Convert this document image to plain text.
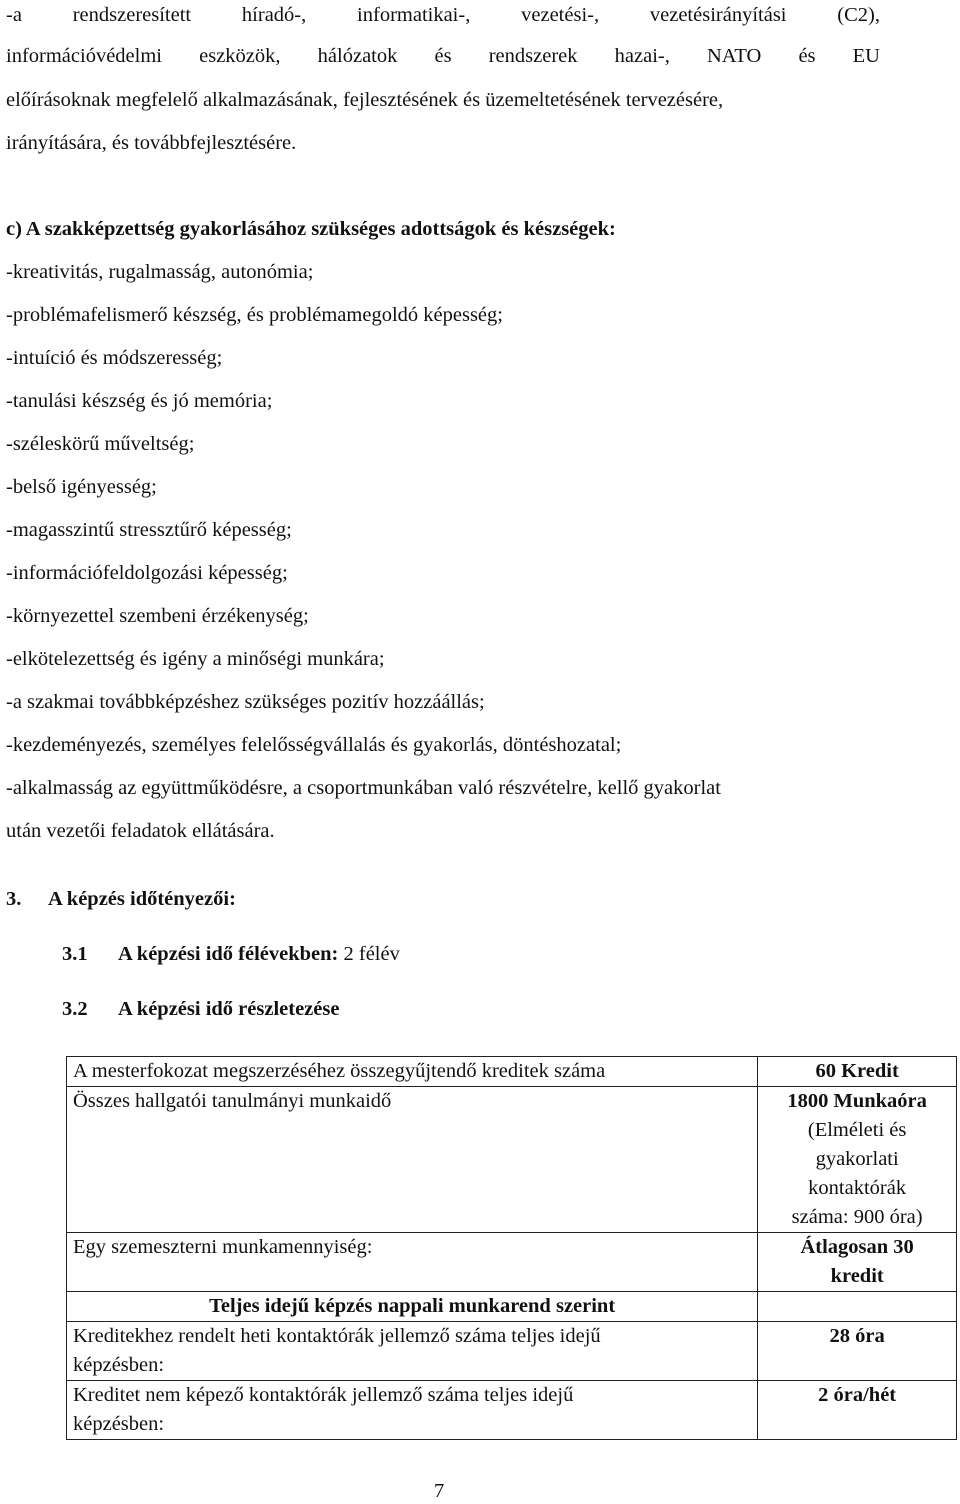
-a rendszeresített híradó-, informatikai-, vezetési-, vezetésirányítási (C2),
információvédelmi eszközök, hálózatok és rendszerek hazai-, NATO és EU
előírásoknak megfelelő alkalmazásának, fejlesztésének és üzemeltetésének tervezésére,
irányítására, és továbbfejlesztésére.
c) A szakképzettség gyakorlásához szükséges adottságok és készségek:
-kreativitás, rugalmasság, autonómia;
-problémafelismerő készség, és problémamegoldó képesség;
-intuíció és módszeresség;
-tanulási készség és jó memória;
-széleskörű műveltség;
-belső igényesség;
-magasszintű stressztűrő képesség;
-információfeldolgozási képesség;
-környezettel szembeni érzékenység;
-elkötelezettség és igény a minőségi munkára;
-a szakmai továbbképzéshez szükséges pozitív hozzáállás;
-kezdeményezés, személyes felelősségvállalás és gyakorlás, döntéshozatal;
-alkalmasság az együttműködésre, a csoportmunkában való részvételre, kellő gyakorlat
után vezetői feladatok ellátására.
3. A képzés időtényezői:
3.1 A képzési idő félévekben: 2 félév
3.2 A képzési idő részletezése
A mesterfokozat megszerzéséhez összegyűjtendő kreditek száma	60 Kredit
Összes hallgatói tanulmányi munkaidő	1800 Munkaóra
(Elméleti és
gyakorlati
kontaktórák
száma: 900 óra)

Egy szemeszterni munkamennyiség:	Átlagosan 30
kredit

Teljes idejű képzés nappali munkarend szerint	

Kreditekhez rendelt heti kontaktórák jellemző száma teljes idejű
képzésben:	28 óra

Kreditet nem képező kontaktórák jellemző száma teljes idejű
képzésben:	2 óra/hét
7
